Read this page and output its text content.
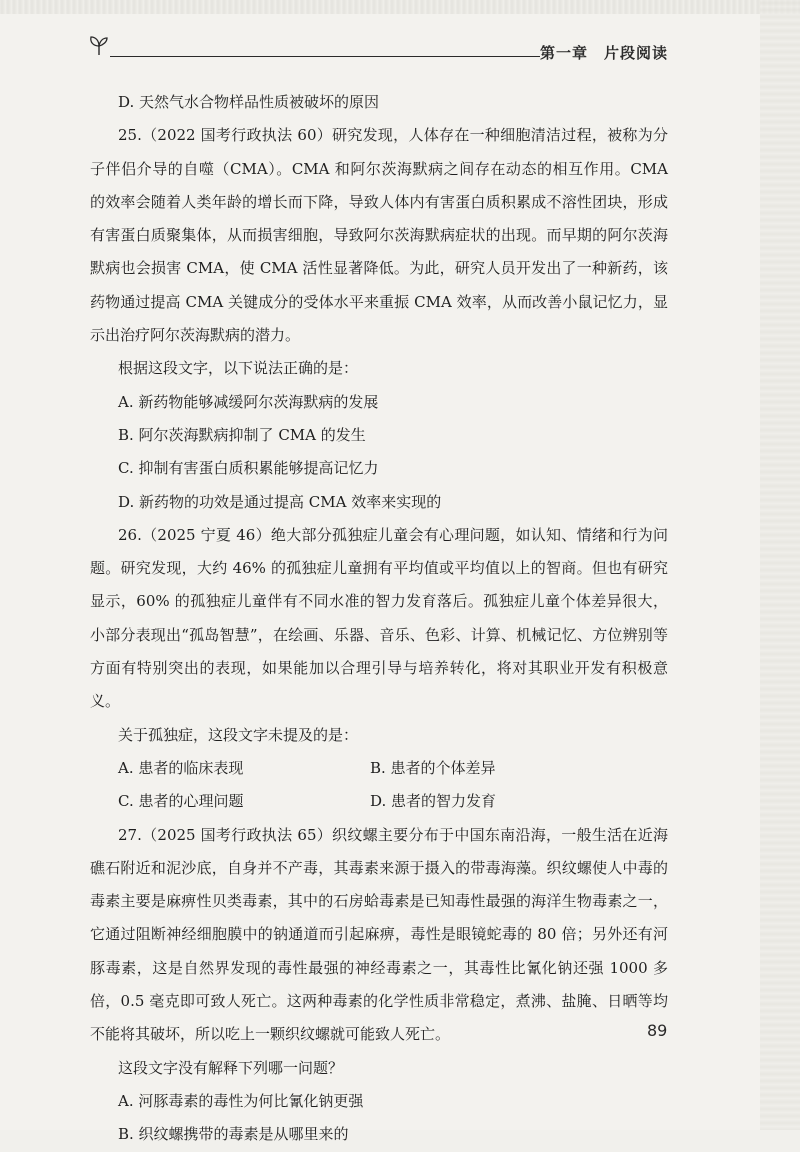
第一章　片段阅读

D. 天然气水合物样品性质被破坏的原因

25.（2022 国考行政执法 60）研究发现，人体存在一种细胞清洁过程，被称为分子伴侣介导的自噬（CMA）。CMA 和阿尔茨海默病之间存在动态的相互作用。CMA 的效率会随着人类年龄的增长而下降，导致人体内有害蛋白质积累成不溶性团块，形成有害蛋白质聚集体，从而损害细胞，导致阿尔茨海默病症状的出现。而早期的阿尔茨海默病也会损害 CMA，使 CMA 活性显著降低。为此，研究人员开发出了一种新药，该药物通过提高 CMA 关键成分的受体水平来重振 CMA 效率，从而改善小鼠记忆力，显示出治疗阿尔茨海默病的潜力。

根据这段文字，以下说法正确的是：

A. 新药物能够减缓阿尔茨海默病的发展

B. 阿尔茨海默病抑制了 CMA 的发生

C. 抑制有害蛋白质积累能够提高记忆力

D. 新药物的功效是通过提高 CMA 效率来实现的

26.（2025 宁夏 46）绝大部分孤独症儿童会有心理问题，如认知、情绪和行为问题。研究发现，大约 46% 的孤独症儿童拥有平均值或平均值以上的智商。但也有研究显示，60% 的孤独症儿童伴有不同水准的智力发育落后。孤独症儿童个体差异很大，小部分表现出“孤岛智慧”，在绘画、乐器、音乐、色彩、计算、机械记忆、方位辨别等方面有特别突出的表现，如果能加以合理引导与培养转化，将对其职业开发有积极意义。

关于孤独症，这段文字未提及的是：

A. 患者的临床表现	B. 患者的个体差异
C. 患者的心理问题	D. 患者的智力发育

27.（2025 国考行政执法 65）织纹螺主要分布于中国东南沿海，一般生活在近海礁石附近和泥沙底，自身并不产毒，其毒素来源于摄入的带毒海藻。织纹螺使人中毒的毒素主要是麻痹性贝类毒素，其中的石房蛤毒素是已知毒性最强的海洋生物毒素之一，它通过阻断神经细胞膜中的钠通道而引起麻痹，毒性是眼镜蛇毒的 80 倍；另外还有河豚毒素，这是自然界发现的毒性最强的神经毒素之一，其毒性比氰化钠还强 1000 多倍，0.5 毫克即可致人死亡。这两种毒素的化学性质非常稳定，煮沸、盐腌、日晒等均不能将其破坏，所以吃上一颗织纹螺就可能致人死亡。

这段文字没有解释下列哪一问题？

A. 河豚毒素的毒性为何比氰化钠更强

B. 织纹螺携带的毒素是从哪里来的

89
